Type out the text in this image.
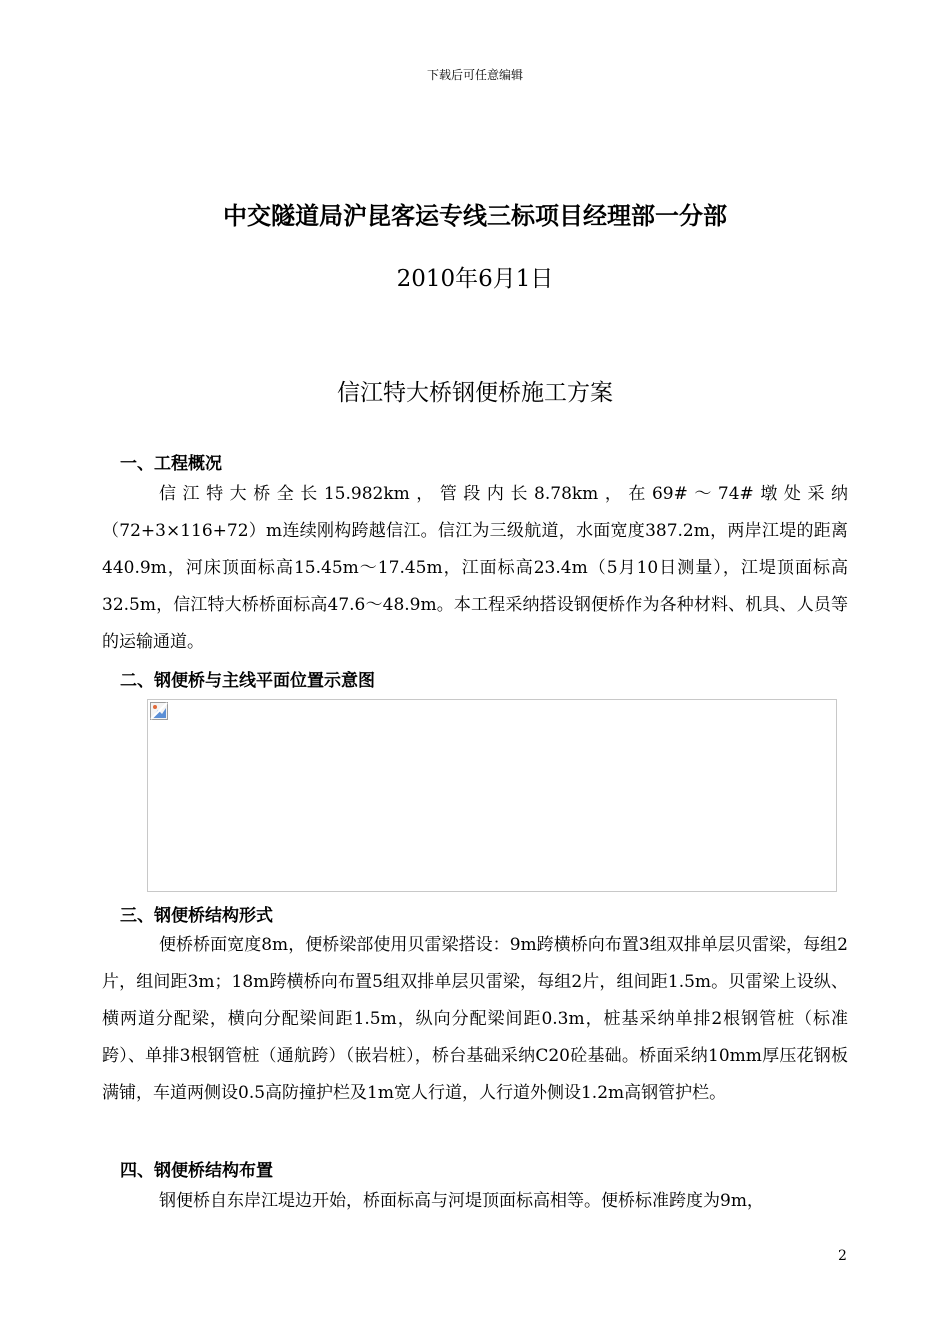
下载后可任意编辑
中交隧道局沪昆客运专线三标项目经理部一分部
2010年6月1日
信江特大桥钢便桥施工方案
一、工程概况
信江特大桥全长15.982km，管段内长8.78km，在69#～74#墩处采纳（72+3×116+72）m连续刚构跨越信江。信江为三级航道，水面宽度387.2m，两岸江堤的距离440.9m，河床顶面标高15.45m～17.45m，江面标高23.4m（5月10日测量），江堤顶面标高32.5m，信江特大桥桥面标高47.6～48.9m。本工程采纳搭设钢便桥作为各种材料、机具、人员等的运输通道。
二、钢便桥与主线平面位置示意图
三、钢便桥结构形式
便桥桥面宽度8m，便桥梁部使用贝雷梁搭设：9m跨横桥向布置3组双排单层贝雷梁，每组2片，组间距3m；18m跨横桥向布置5组双排单层贝雷梁，每组2片，组间距1.5m。贝雷梁上设纵、横两道分配梁，横向分配梁间距1.5m，纵向分配梁间距0.3m，桩基采纳单排2根钢管桩（标准跨）、单排3根钢管桩（通航跨）（嵌岩桩），桥台基础采纳C20砼基础。桥面采纳10mm厚压花钢板满铺，车道两侧设0.5高防撞护栏及1m宽人行道，人行道外侧设1.2m高钢管护栏。
四、钢便桥结构布置
钢便桥自东岸江堤边开始，桥面标高与河堤顶面标高相等。便桥标准跨度为9m，
2
